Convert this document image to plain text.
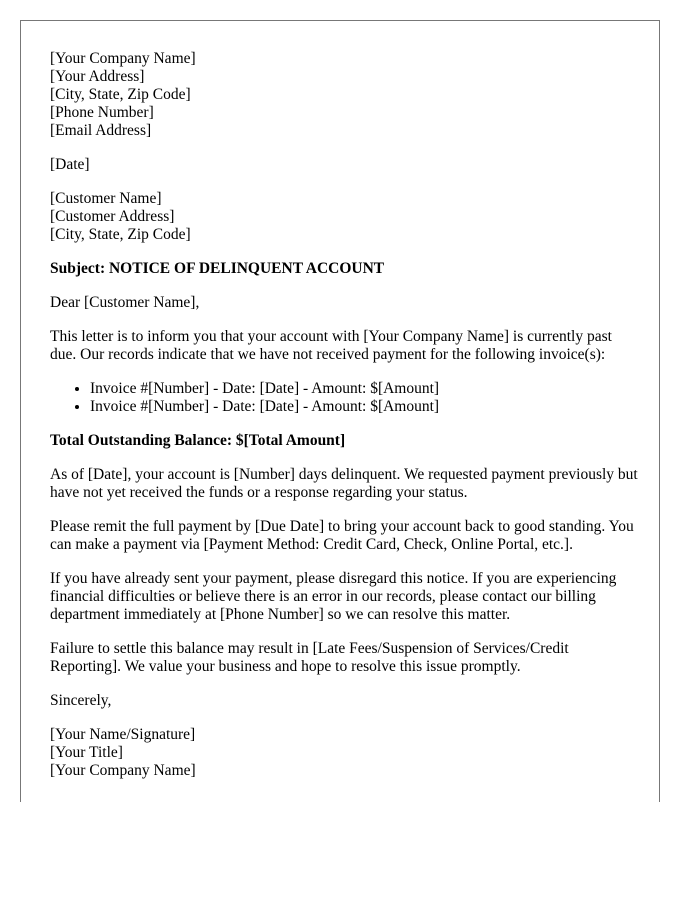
[Your Company Name]
[Your Address]
[City, State, Zip Code]
[Phone Number]
[Email Address]

[Date]

[Customer Name]
[Customer Address]
[City, State, Zip Code]

Subject: NOTICE OF DELINQUENT ACCOUNT

Dear [Customer Name],

This letter is to inform you that your account with [Your Company Name] is currently past due. Our records indicate that we have not received payment for the following invoice(s):

• Invoice #[Number] - Date: [Date] - Amount: $[Amount]
• Invoice #[Number] - Date: [Date] - Amount: $[Amount]

Total Outstanding Balance: $[Total Amount]

As of [Date], your account is [Number] days delinquent. We requested payment previously but have not yet received the funds or a response regarding your status.

Please remit the full payment by [Due Date] to bring your account back to good standing. You can make a payment via [Payment Method: Credit Card, Check, Online Portal, etc.].

If you have already sent your payment, please disregard this notice. If you are experiencing financial difficulties or believe there is an error in our records, please contact our billing department immediately at [Phone Number] so we can resolve this matter.

Failure to settle this balance may result in [Late Fees/Suspension of Services/Credit Reporting]. We value your business and hope to resolve this issue promptly.

Sincerely,

[Your Name/Signature]
[Your Title]
[Your Company Name]
